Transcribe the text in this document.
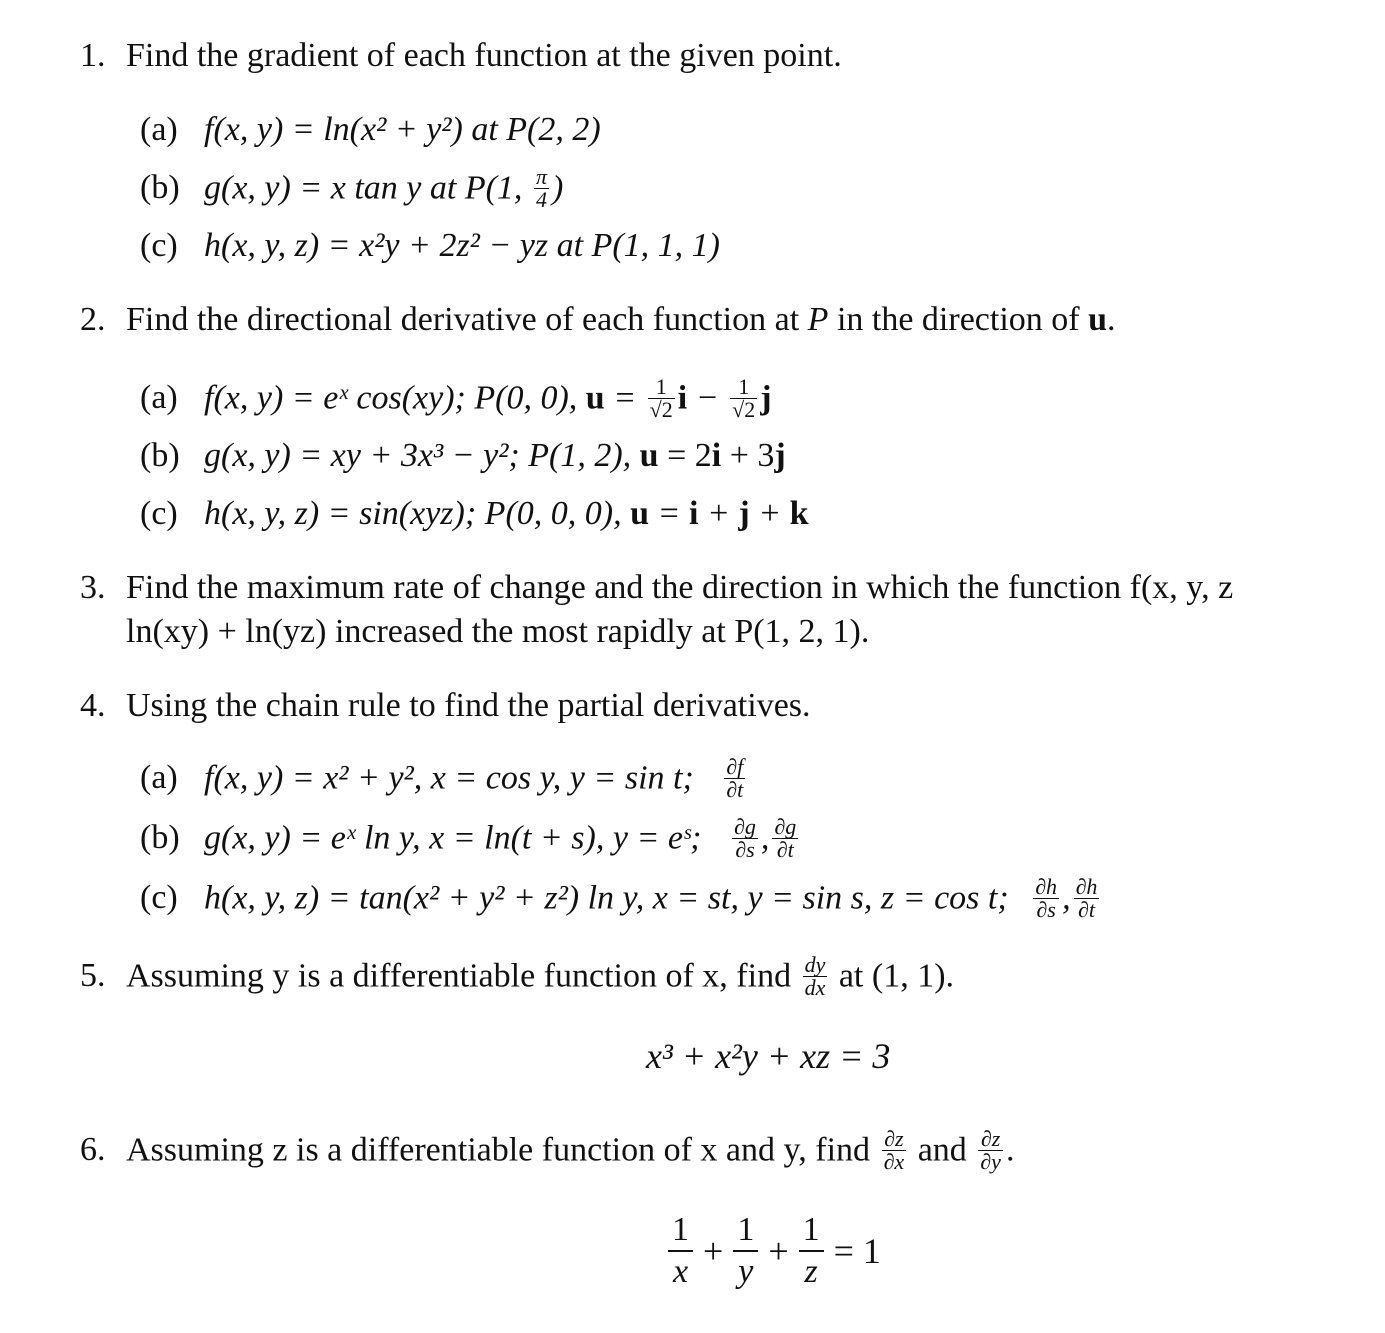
1. Find the gradient of each function at the given point.
(a) f(x, y) = ln(x² + y²) at P(2, 2)
(b) g(x, y) = x tan y at P(1, $\frac{\pi}{4}$ )
(c) h(x, y, z) = x²y + 2z² − yz at P(1, 1, 1)
2. Find the directional derivative of each function at P in the direction of u.
(a) f(x, y) = eˣ cos(xy); P(0, 0), $u = \frac{1}{√2}$ $i - \frac{1}{√2}$ j
(b) g(x, y) = xy + 3x³ − y²; P(1, 2), u = 2i + 3j
(c) h(x, y, z) = sin(xyz); P(0, 0, 0), u = i + j + k
3. Find the maximum rate of change and the direction in which the function f(x, y, z
ln(xy) + ln(yz) increased the most rapidly at P(1, 2, 1).
4. Using the chain rule to find the partial derivatives.
(a) f(x, y) = x² + y², x = cos y, y = sin t; $\frac{\partial f}{\partial t}$
(b) g(x, y) = eˣ ln y, x = ln(t + s), y = eˢ; $\frac{\partial g}{\partial s}$ , $\frac{\partial g}{\partial t}$
(c) h(x, y, z) = tan(x² + y² + z²) ln y, x = st, y = sin s, z = cos t; $\frac{\partial h}{\partial s}$ , $\frac{\partial h}{\partial t}$
5. Assuming y is a differentiable function of x, find $\frac{dy}{dx}$ at (1, 1).
x³ + x²y + xz = 3
6. Assuming z is a differentiable function of x and y, find $\frac{\partial z}{\partial x}$ and $\frac{\partial z}{\partial y}$ .
$\frac{1}{x} + \frac{1}{y} + \frac{1}{z} = 1$
